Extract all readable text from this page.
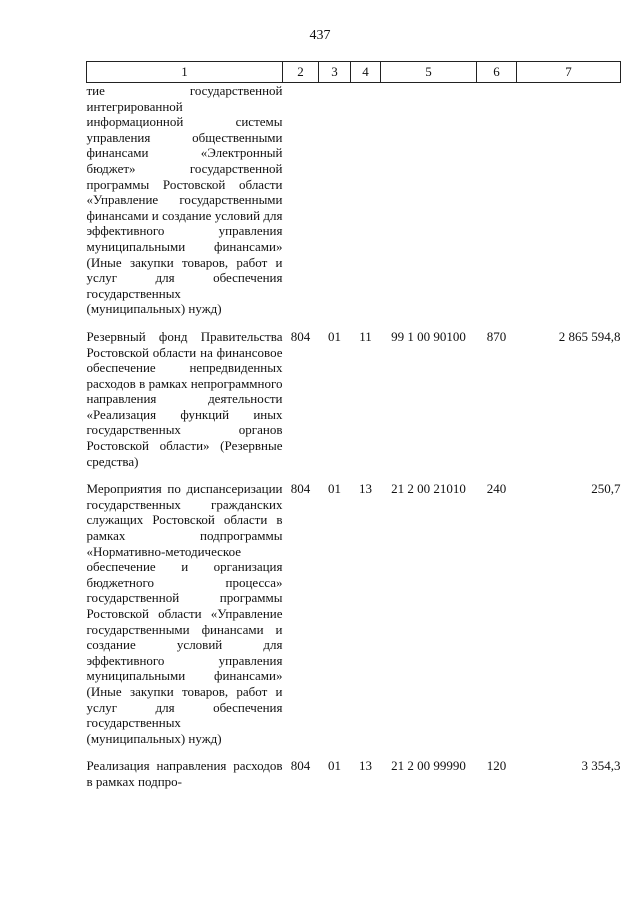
437
1	2	3	4	5	6	7
тие государственной интегрированной информационной системы управления общественными финансами «Электронный бюджет» государственной программы Ростовской области «Управление государственными финансами и создание условий для эффективного управления муниципальными финансами» (Иные закупки товаров, работ и услуг для обеспечения государственных (муниципальных) нужд)						
Резервный фонд Правительства Ростовской области на финансовое обеспечение непредвиденных расходов в рамках непрограммного направления деятельности «Реализация функций иных государственных органов Ростовской области» (Резервные средства)	804	01	11	99 1 00 90100	870	2 865 594,8
Мероприятия по диспансеризации государственных гражданских служащих Ростовской области в рамках подпрограммы «Нормативно-методическое обеспечение и организация бюджетного процесса» государственной программы Ростовской области «Управление государственными финансами и создание условий для эффективного управления муниципальными финансами» (Иные закупки товаров, работ и услуг для обеспечения государственных (муниципальных) нужд)	804	01	13	21 2 00 21010	240	250,7
Реализация направления расходов в рамках подпро-	804	01	13	21 2 00 99990	120	3 354,3
